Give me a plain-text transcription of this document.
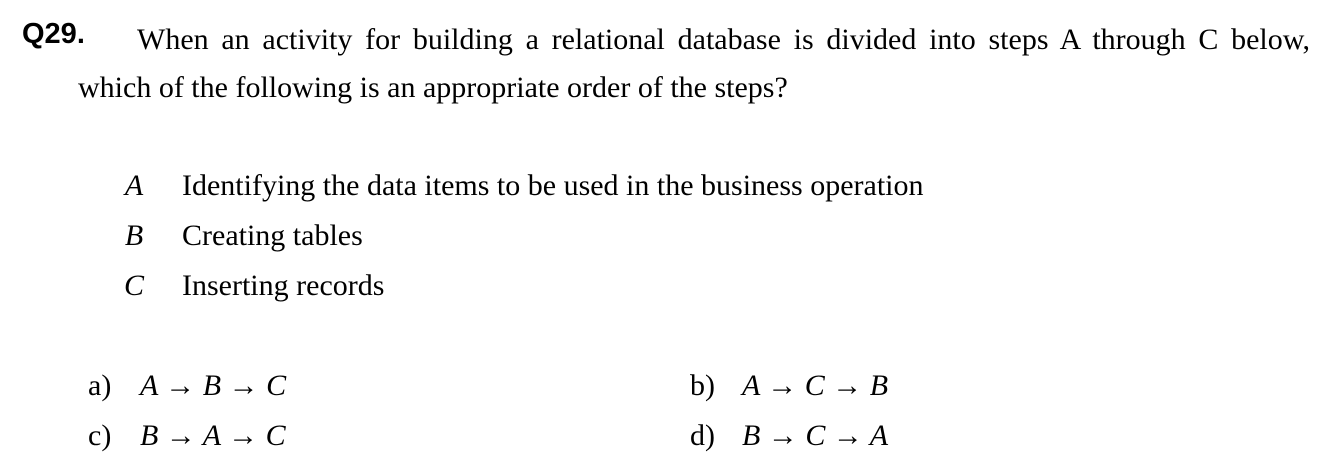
Q29.	When an activity for building a relational database is divided into steps A through C below, which of the following is an appropriate order of the steps?
A Identifying the data items to be used in the business operation
B Creating tables
C Inserting records
a) A → B → C	b) A → C → B
c) B → A → C	d) B → C → A
